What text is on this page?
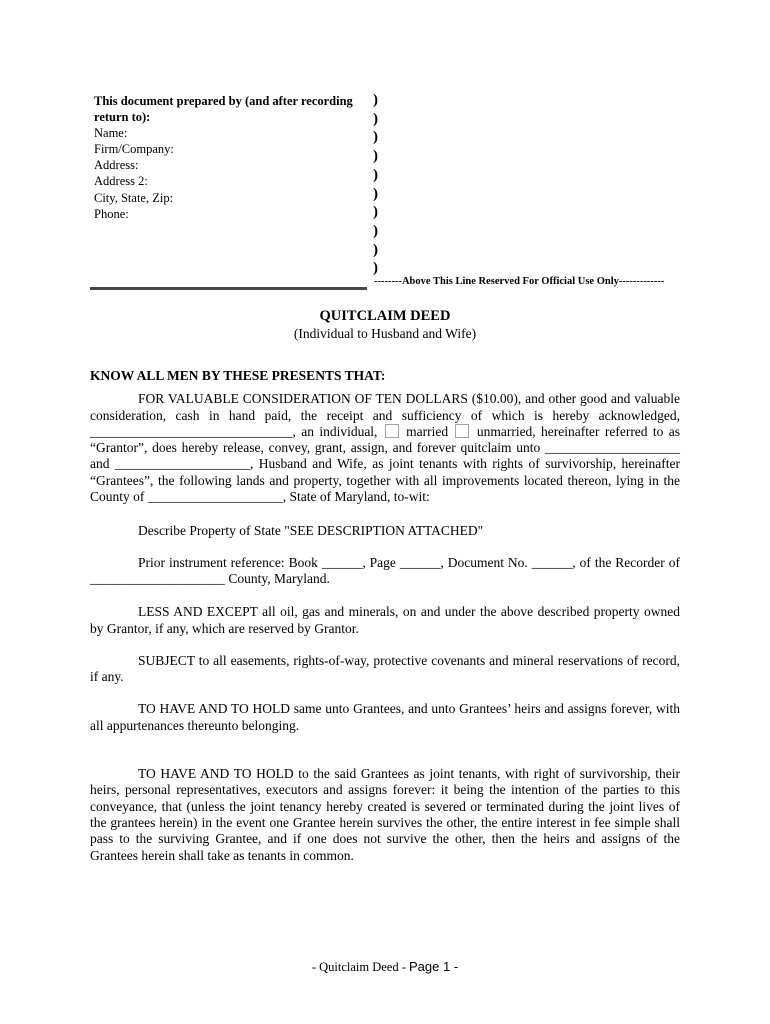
This document prepared by (and after recording return to):
Name:
Firm/Company:
Address:
Address 2:
City, State, Zip:
Phone:
)
)
)
)
)
)
)
)
)
)
--------Above This Line Reserved For Official Use Only-------------
QUITCLAIM DEED
(Individual to Husband and Wife)
KNOW ALL MEN BY THESE PRESENTS THAT:

FOR VALUABLE CONSIDERATION OF TEN DOLLARS ($10.00), and other good and valuable consideration, cash in hand paid, the receipt and sufficiency of which is hereby acknowledged, ______________________________, an individual,  married  unmarried, hereinafter referred to as “Grantor”, does hereby release, convey, grant, assign, and forever quitclaim unto ____________________ and ____________________, Husband and Wife, as joint tenants with rights of survivorship, hereinafter “Grantees”, the following lands and property, together with all improvements located thereon, lying in the County of ____________________, State of Maryland, to-wit:

Describe Property of State "SEE DESCRIPTION ATTACHED"

Prior instrument reference: Book ______, Page ______, Document No. ______, of the Recorder of ____________________ County, Maryland.

LESS AND EXCEPT all oil, gas and minerals, on and under the above described property owned by Grantor, if any, which are reserved by Grantor.

SUBJECT to all easements, rights-of-way, protective covenants and mineral reservations of record, if any.

TO HAVE AND TO HOLD same unto Grantees, and unto Grantees’ heirs and assigns forever, with all appurtenances thereunto belonging.

TO HAVE AND TO HOLD to the said Grantees as joint tenants, with right of survivorship, their heirs, personal representatives, executors and assigns forever: it being the intention of the parties to this conveyance, that (unless the joint tenancy hereby created is severed or terminated during the joint lives of the grantees herein) in the event one Grantee herein survives the other, the entire interest in fee simple shall pass to the surviving Grantee, and if one does not survive the other, then the heirs and assigns of the Grantees herein shall take as tenants in common.

- Quitclaim Deed - Page 1 -
